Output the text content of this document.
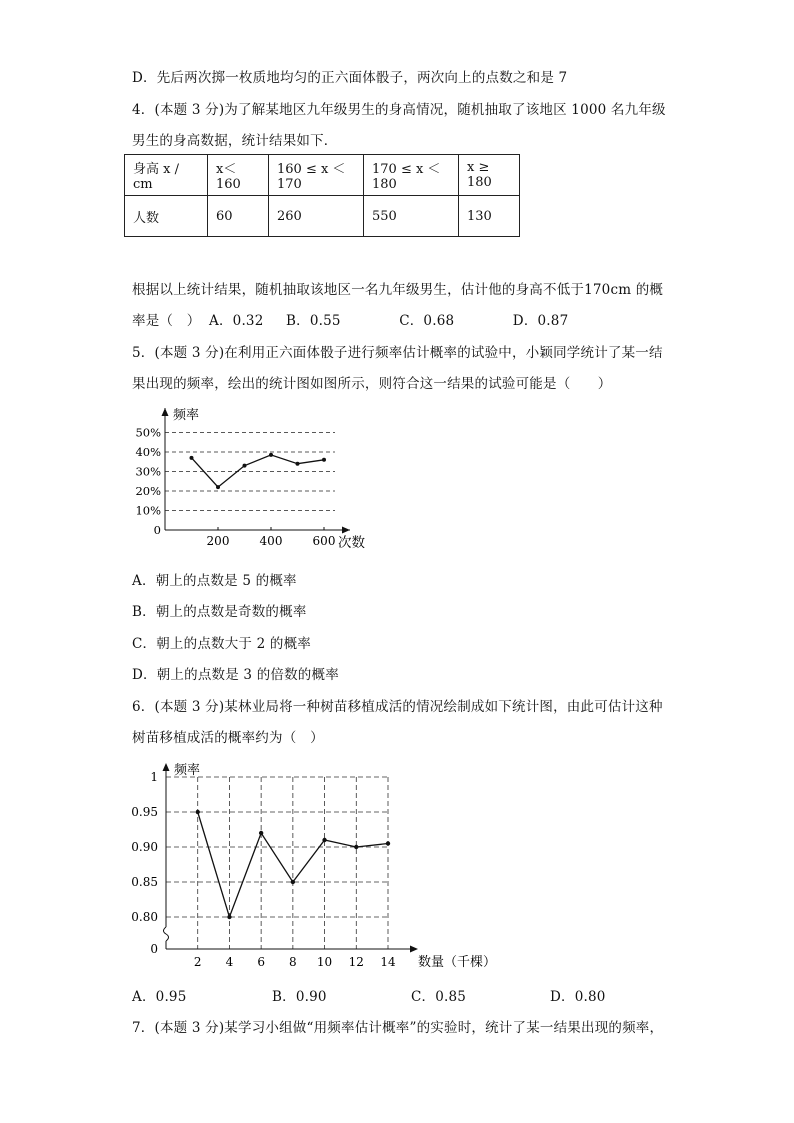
D．先后两次掷一枚质地均匀的正六面体骰子，两次向上的点数之和是 7
4．(本题 3 分)为了解某地区九年级男生的身高情况，随机抽取了该地区 1000 名九年级
男生的身高数据，统计结果如下．
身高 x / cm	x＜160	160 ≤ x ＜170	170 ≤ x ＜180	x ≥ 180
人数	60	260	550	130
根据以上统计结果，随机抽取该地区一名九年级男生，估计他的身高不低于170cm 的概
率是（　） A．0.32 B．0.55	C．0.68	D．0.87
5．(本题 3 分)在利用正六面体骰子进行频率估计概率的试验中，小颖同学统计了某一结
果出现的频率，绘出的统计图如图所示，则符合这一结果的试验可能是（　　）
0
10%
20%
30%
40%
50%
200	400	600
频率
次数
A．朝上的点数是 5 的概率
B．朝上的点数是奇数的概率
C．朝上的点数大于 2 的概率
D．朝上的点数是 3 的倍数的概率
6．(本题 3 分)某林业局将一种树苗移植成活的情况绘制成如下统计图，由此可估计这种
树苗移植成活的概率约为（　）
0.80
0.85
0.90
0.95
1
2 4 6 8 10 12 14
0
频率
数量（千棵）
A．0.95	B．0.90	C．0.85	D．0.80
7．(本题 3 分)某学习小组做“用频率估计概率”的实验时，统计了某一结果出现的频率，
